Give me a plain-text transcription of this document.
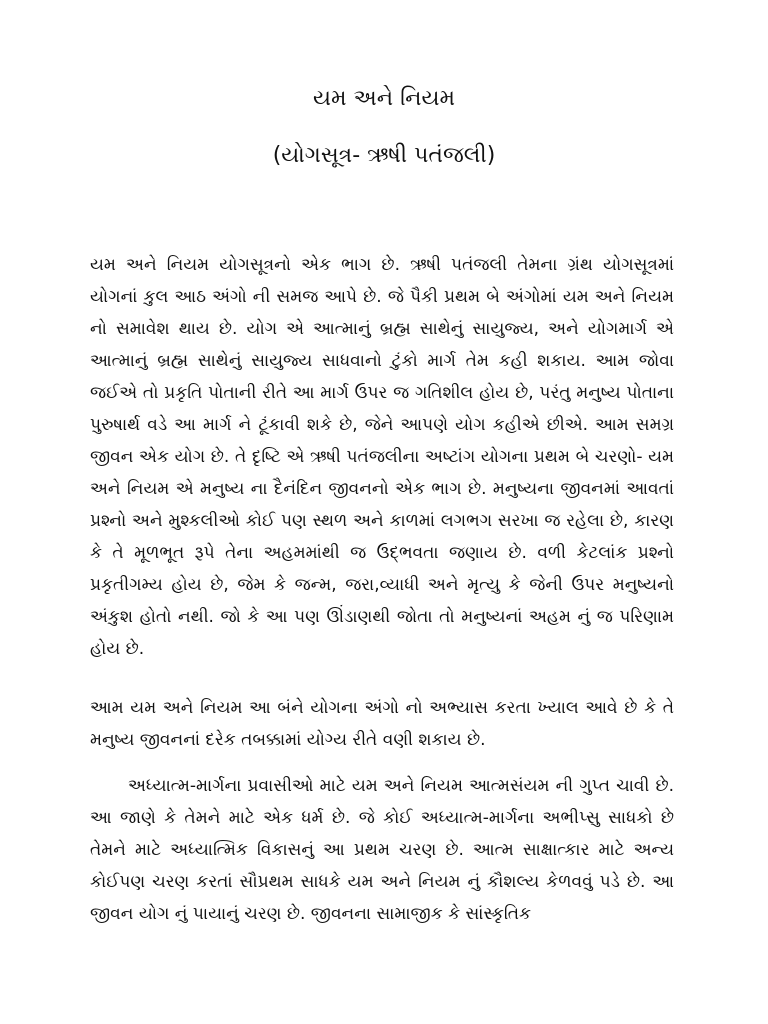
યમ અને નિયમ
(યોગસૂત્ર- ઋષી પતંજલી)

યમ અને નિયમ યોગસૂત્રનો એક ભાગ છે. ઋષી પતંજલી તેમના ગ્રંથ યોગસૂત્રમાં યોગનાં કુલ આઠ અંગો ની સમજ આપે છે. જે પૈકી પ્રથમ બે અંગોમાં યમ અને નિયમ નો સમાવેશ થાય છે. યોગ એ આત્માનું બ્રહ્મ સાથેનું સાયુજ્ય, અને યોગમાર્ગ એ આત્માનું બ્રહ્મ સાથેનું સાયુજ્ય સાધવાનો ટુંકો માર્ગ તેમ કહી શકાય. આમ જોવા જઈએ તો પ્રકૃતિ પોતાની રીતે આ માર્ગ ઉપર જ ગતિશીલ હોય છે, પરંતુ મનુષ્ય પોતાના પુરુષાર્થ વડે આ માર્ગ ને ટૂંકાવી શકે છે, જેને આપણે યોગ કહીએ છીએ. આમ સમગ્ર જીવન એક યોગ છે. તે દૃષ્ટિ એ ઋષી પતંજલીના અષ્ટાંગ યોગના પ્રથમ બે ચરણો- યમ અને નિયમ એ મનુષ્ય ના દૈનંદિન જીવનનો એક ભાગ છે. મનુષ્યના જીવનમાં આવતાં પ્રશ્નો અને મુશ્કલીઓ કોઈ પણ સ્થળ અને કાળમાં લગભગ સરખા જ રહેલા છે, કારણ કે તે મૂળભૂત રૂપે તેના અહમમાંથી જ ઉદ્ભવતા જણાય છે. વળી કેટલાંક પ્રશ્નો પ્રકૃતીગમ્ય હોય છે, જેમ કે જન્મ, જરા,વ્યાધી અને મૃત્યુ કે જેની ઉપર મનુષ્યનો અંકુશ હોતો નથી. જો કે આ પણ ઊંડાણથી જોતા તો મનુષ્યનાં અહમ નું જ પરિણામ હોય છે.

આમ યમ અને નિયમ આ બંને યોગના અંગો નો અભ્યાસ કરતા ખ્યાલ આવે છે કે તે મનુષ્ય જીવનનાં દરેક તબક્કામાં યોગ્ય રીતે વણી શકાય છે.

અધ્યાત્મ-માર્ગના પ્રવાસીઓ માટે યમ અને નિયમ આત્મસંયમ ની ગુપ્ત ચાવી છે. આ જાણે કે તેમને માટે એક ધર્મ છે. જે કોઈ અધ્યાત્મ-માર્ગના અભીપ્સુ સાધકો છે તેમને માટે અધ્યાત્મિક વિકાસનું આ પ્રથમ ચરણ છે. આત્મ સાક્ષાત્કાર માટે અન્ય કોઈપણ ચરણ કરતાં સૌપ્રથમ સાધકે યમ અને નિયમ નું કૌશલ્ય કેળવવું પડે છે. આ જીવન યોગ નું પાયાનું ચરણ છે. જીવનના સામાજીક કે સાંસ્કૃતિક
